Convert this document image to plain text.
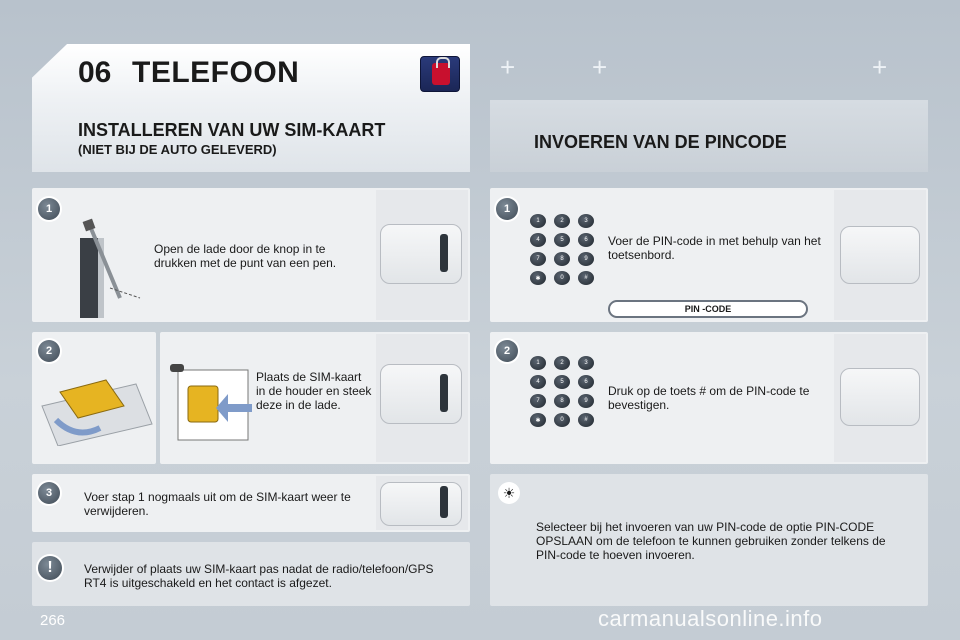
06 TELEFOON	+	+	+
INSTALLEREN VAN UW SIM-KAART
(NIET BIJ DE AUTO GELEVERD)	INVOEREN VAN DE PINCODE
1
Open de lade door de knop in te drukken met de punt van een pen.
2
Plaats de SIM-kaart in de houder en steek deze in de lade.
3	Voer stap 1 nogmaals uit om de SIM-kaart weer te verwijderen.
!	Verwijder of plaats uw SIM-kaart pas nadat de radio/telefoon/GPS RT4 is uitgeschakeld en het contact is afgezet.
1
1	2	3
4	5	6
7	8	9
✱	0	#
Voer de PIN-code in met behulp van het toetsenbord.
PIN -CODE
2
1	2	3
4	5	6
7	8	9
✱	0	#
Druk op de toets # om de PIN-code te bevestigen.
☀
Selecteer bij het invoeren van uw PIN-code de optie PIN-CODE OPSLAAN om de telefoon te kunnen gebruiken zonder telkens de PIN-code te hoeven invoeren.
266	carmanualsonline.info
